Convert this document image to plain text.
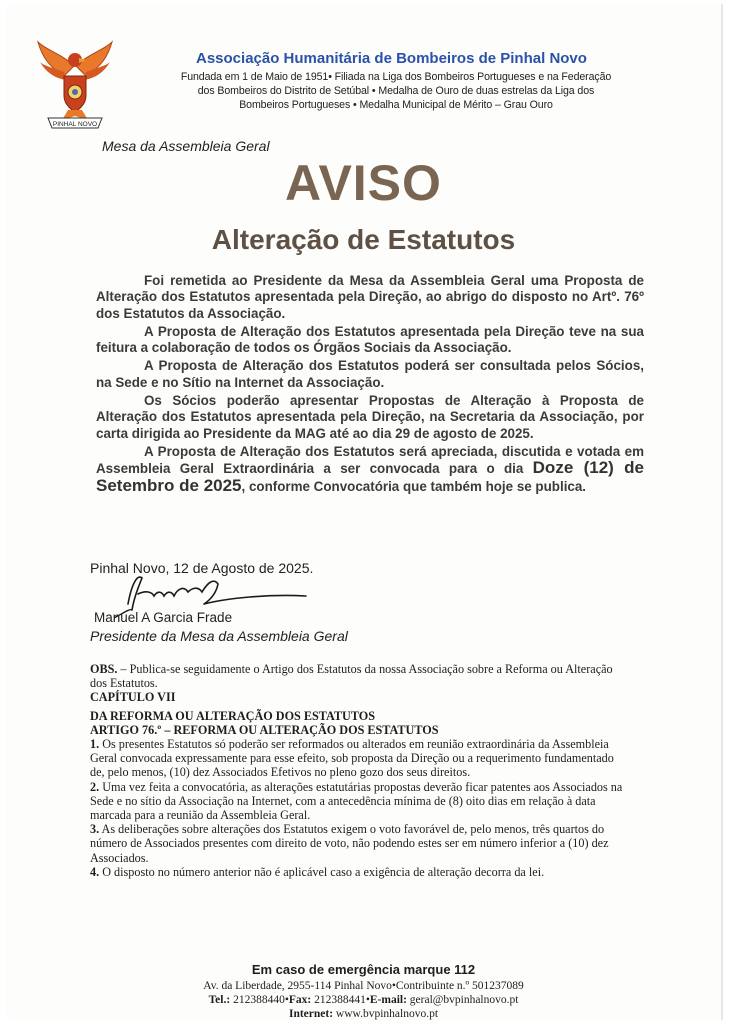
PINHAL NOVO
Associação Humanitária de Bombeiros de Pinhal Novo
Fundada em 1 de Maio de 1951• Filiada na Liga dos Bombeiros Portugueses e na Federação
dos Bombeiros do Distrito de Setúbal • Medalha de Ouro de duas estrelas da Liga dos
Bombeiros Portugueses • Medalha Municipal de Mérito – Grau Ouro
Mesa da Assembleia Geral
AVISO
Alteração de Estatutos

Foi remetida ao Presidente da Mesa da Assembleia Geral uma Proposta de Alteração dos Estatutos apresentada pela Direção, ao abrigo do disposto no Artº. 76º dos Estatutos da Associação.

A Proposta de Alteração dos Estatutos apresentada pela Direção teve na sua feitura a colaboração de todos os Órgãos Sociais da Associação.

A Proposta de Alteração dos Estatutos poderá ser consultada pelos Sócios, na Sede e no Sítio na Internet da Associação.

Os Sócios poderão apresentar Propostas de Alteração à Proposta de Alteração dos Estatutos apresentada pela Direção, na Secretaria da Associação, por carta dirigida ao Presidente da MAG até ao dia 29 de agosto de 2025.

A Proposta de Alteração dos Estatutos será apreciada, discutida e votada em Assembleia Geral Extraordinária a ser convocada para o dia Doze (12) de Setembro de 2025, conforme Convocatória que também hoje se publica.

Pinhal Novo, 12 de Agosto de 2025.
Manuel A Garcia Frade
Presidente da Mesa da Assembleia Geral

OBS. – Publica-se seguidamente o Artigo dos Estatutos da nossa Associação sobre a Reforma ou Alteração dos Estatutos.

CAPÍTULO VII

DA REFORMA OU ALTERAÇÃO DOS ESTATUTOS

ARTIGO 76.º – REFORMA OU ALTERAÇÃO DOS ESTATUTOS

1. Os presentes Estatutos só poderão ser reformados ou alterados em reunião extraordinária da Assembleia Geral convocada expressamente para esse efeito, sob proposta da Direção ou a requerimento fundamentado de, pelo menos, (10) dez Associados Efetivos no pleno gozo dos seus direitos.

2. Uma vez feita a convocatória, as alterações estatutárias propostas deverão ficar patentes aos Associados na Sede e no sítio da Associação na Internet, com a antecedência mínima de (8) oito dias em relação à data marcada para a reunião da Assembleia Geral.

3. As deliberações sobre alterações dos Estatutos exigem o voto favorável de, pelo menos, três quartos do número de Associados presentes com direito de voto, não podendo estes ser em número inferior a (10) dez Associados.

4. O disposto no número anterior não é aplicável caso a exigência de alteração decorra da lei.

Em caso de emergência marque 112
Av. da Liberdade, 2955-114 Pinhal Novo•Contribuinte n.º 501237089
Tel.: 212388440•Fax: 212388441•E-mail: geral@bvpinhalnovo.pt
Internet: www.bvpinhalnovo.pt
